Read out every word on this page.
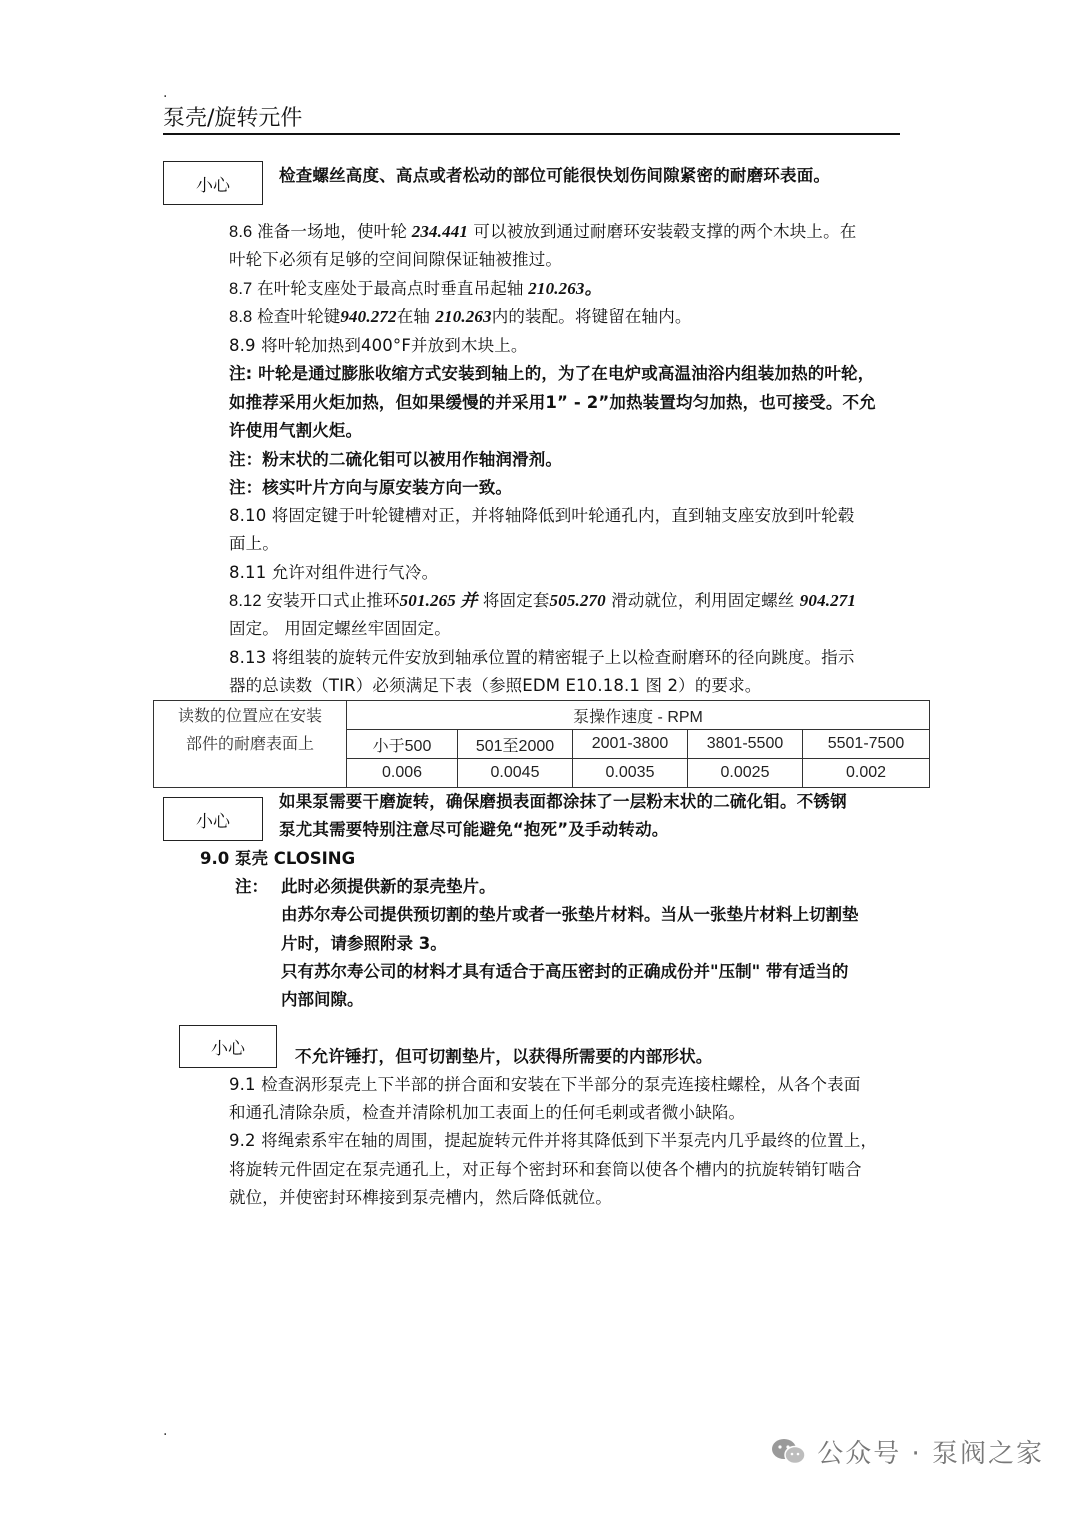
.
泵壳/旋转元件
小心	检查螺丝高度、高点或者松动的部位可能很快划伤间隙紧密的耐磨环表面。
8.6 准备一场地，使叶轮 234.441 可以被放到通过耐磨环安装毂支撑的两个木块上。在
叶轮下必须有足够的空间间隙保证轴被推过。
8.7 在叶轮支座处于最高点时垂直吊起轴 210.263。
8.8 检查叶轮键940.272在轴 210.263内的装配。将键留在轴内。
8.9 将叶轮加热到400°F并放到木块上。
注: 叶轮是通过膨胀收缩方式安装到轴上的，为了在电炉或高温油浴内组装加热的叶轮，
如推荐采用火炬加热，但如果缓慢的并采用1” - 2”加热装置均匀加热，也可接受。不允
许使用气割火炬。
注：粉末状的二硫化钼可以被用作轴润滑剂。
注：核实叶片方向与原安装方向一致。
8.10 将固定键于叶轮键槽对正，并将轴降低到叶轮通孔内，直到轴支座安放到叶轮毂
面上。
8.11 允许对组件进行气冷。
8.12 安装开口式止推环501.265 并 将固定套505.270 滑动就位，利用固定螺丝 904.271
固定。 用固定螺丝牢固固定。
8.13 将组装的旋转元件安放到轴承位置的精密辊子上以检查耐磨环的径向跳度。指示
器的总读数（TIR）必须满足下表（参照EDM E10.18.1 图 2）的要求。
读数的位置应在安装
部件的耐磨表面上	泵操作速度 - RPM				
	小于500	501至2000	2001-3800	3801-5500	5501-7500
	0.006	0.0045	0.0035	0.0025	0.002
小心
如果泵需要干磨旋转，确保磨损表面都涂抹了一层粉末状的二硫化钼。不锈钢
泵尤其需要特别注意尽可能避免“抱死”及手动转动。
9.0 泵壳 CLOSING
注： 此时必须提供新的泵壳垫片。
由苏尔寿公司提供预切割的垫片或者一张垫片材料。当从一张垫片材料上切割垫
片时，请参照附录 3。
只有苏尔寿公司的材料才具有适合于高压密封的正确成份并"压制" 带有适当的
内部间隙。
小心	不允许锤打，但可切割垫片，以获得所需要的内部形状。
9.1 检查涡形泵壳上下半部的拼合面和安装在下半部分的泵壳连接柱螺栓，从各个表面
和通孔清除杂质，检查并清除机加工表面上的任何毛刺或者微小缺陷。
9.2 将绳索系牢在轴的周围，提起旋转元件并将其降低到下半泵壳内几乎最终的位置上，
将旋转元件固定在泵壳通孔上，对正每个密封环和套筒以使各个槽内的抗旋转销钉啮合
就位，并使密封环榫接到泵壳槽内，然后降低就位。
.
公众号 · 泵阀之家
